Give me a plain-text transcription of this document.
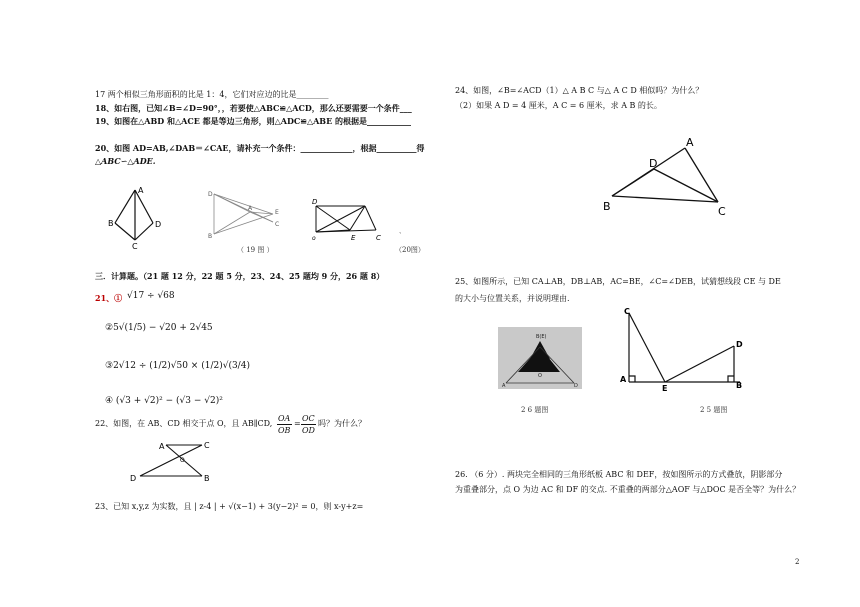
17 两个相似三角形面积的比是 1：4，它们对应边的比是________
18、如右图，已知∠B=∠D=90°，，若要使△ABC≌△ACD，那么还要需要一个条件___
19、如图在△ABD 和△ACE 都是等边三角形，则△ADC≌△ABE 的根据是___________
20、如图 AD=AB,∠DAB＝∠CAE，请补充一个条件：_____________，根据__________得
△ABC∽△ADE.
A
B	D
C
D
B
A
E
C
（ 19 图 ）
D
o	E	C
、
（20图）
三．计算题。（21 题 12 分，22 题 5 分，23、24、25 题均 9 分，26 题 8）
21、① √17 ÷ √68
②5√(1/5) − √20 + 2√45
③2√12 ÷ (1/2)√50 × (1/2)√(3/4)
④ (√3 + √2)² − (√3 − √2)²
22、如图，在 AB、CD 相交于点 O，且 AB∥CD,
OA
OB
=
OC
OD
吗？为什么？
A	C
O
D	B
23、已知 x,y,z 为实数，且 | z-4 | + √(x−1) + 3(y−2)² = 0，则 x-y+z=
24、如图，∠B=∠ACD（1）△ A B C 与△ A C D 相似吗？为什么？
（2）如果 A D = 4 厘米，A C = 6 厘米，求 A B 的长。
A
D
B	C
25、如图所示，已知 CA⊥AB，DB⊥AB，AC=BE，∠C=∠DEB，试猜想线段 CE 与 DE
的大小与位置关系，并说明理由.
B(E)
A
O
D
2 6 题图
C
A
E
D
B
2 5 题图
26. （6 分）. 两块完全相同的三角形纸板 ABC 和 DEF，按如图所示的方式叠放，阴影部分
为重叠部分，点 O 为边 AC 和 DF 的交点. 不重叠的两部分△AOF 与△DOC 是否全等？为什么？
2
